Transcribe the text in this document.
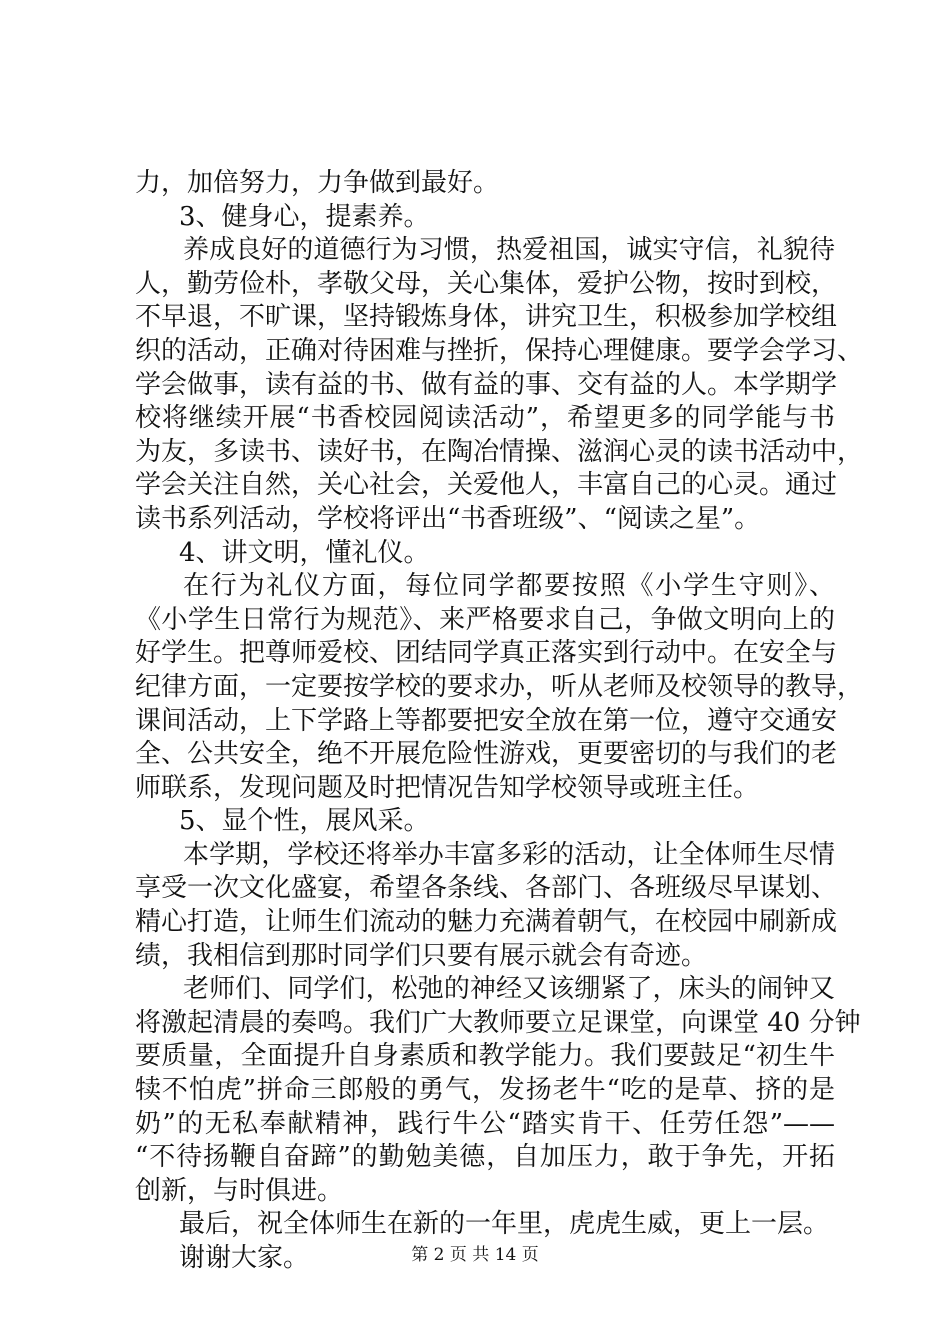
力，加倍努力，力争做到最好。
3、健身心，提素养。
养成良好的道德行为习惯，热爱祖国，诚实守信，礼貌待
人，勤劳俭朴，孝敬父母，关心集体，爱护公物，按时到校，
不早退，不旷课，坚持锻炼身体，讲究卫生，积极参加学校组
织的活动，正确对待困难与挫折，保持心理健康。要学会学习、
学会做事，读有益的书、做有益的事、交有益的人。本学期学
校将继续开展“书香校园阅读活动”，希望更多的同学能与书
为友，多读书、读好书，在陶冶情操、滋润心灵的读书活动中，
学会关注自然，关心社会，关爱他人，丰富自己的心灵。通过
读书系列活动，学校将评出“书香班级”、“阅读之星”。
4、讲文明，懂礼仪。
在行为礼仪方面，每位同学都要按照《小学生守则》、
《小学生日常行为规范》、来严格要求自己，争做文明向上的
好学生。把尊师爱校、团结同学真正落实到行动中。在安全与
纪律方面，一定要按学校的要求办，听从老师及校领导的教导，
课间活动，上下学路上等都要把安全放在第一位，遵守交通安
全、公共安全，绝不开展危险性游戏，更要密切的与我们的老
师联系，发现问题及时把情况告知学校领导或班主任。
5、显个性，展风采。
本学期，学校还将举办丰富多彩的活动，让全体师生尽情
享受一次文化盛宴，希望各条线、各部门、各班级尽早谋划、
精心打造，让师生们流动的魅力充满着朝气，在校园中刷新成
绩，我相信到那时同学们只要有展示就会有奇迹。
老师们、同学们，松弛的神经又该绷紧了，床头的闹钟又
将激起清晨的奏鸣。我们广大教师要立足课堂，向课堂 40 分钟
要质量，全面提升自身素质和教学能力。我们要鼓足“初生牛
犊不怕虎”拼命三郎般的勇气，发扬老牛“吃的是草、挤的是
奶”的无私奉献精神，践行牛公“踏实肯干、任劳任怨”——
“不待扬鞭自奋蹄”的勤勉美德，自加压力，敢于争先，开拓
创新，与时俱进。
最后，祝全体师生在新的一年里，虎虎生威，更上一层。
谢谢大家。	第 2 页 共 14 页
